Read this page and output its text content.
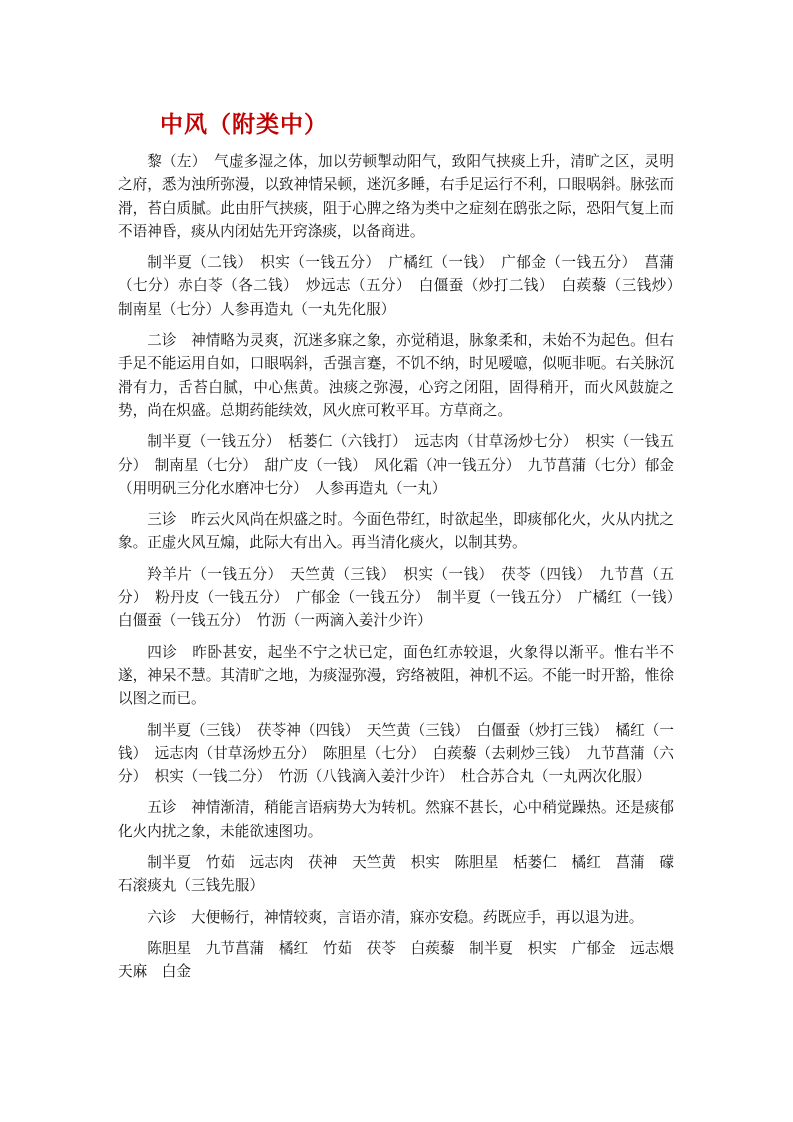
中风（附类中）

黎（左）　气虚多湿之体，加以劳顿掣动阳气，致阳气挟痰上升，清旷之区，灵明之府，悉为浊所弥漫，以致神情呆顿，迷沉多睡，右手足运行不利，口眼㖞斜。脉弦而滑，苔白质腻。此由肝气挟痰，阻于心脾之络为类中之症刻在鸱张之际，恐阳气复上而不语神昏，痰从内闭姑先开窍涤痰，以备商进。

制半夏（二钱）　枳实（一钱五分）　广橘红（一钱）　广郁金（一钱五分）　菖蒲（七分）赤白苓（各二钱）　炒远志（五分）　白僵蚕（炒打二钱）　白蒺藜（三钱炒）　制南星（七分）人参再造丸（一丸先化服）

二诊　神情略为灵爽，沉迷多寐之象，亦觉稍退，脉象柔和，未始不为起色。但右手足不能运用自如，口眼㖞斜，舌强言蹇，不饥不纳，时见嗳噫，似呃非呃。右关脉沉滑有力，舌苔白腻，中心焦黄。浊痰之弥漫，心窍之闭阻，固得稍开，而火风鼓旋之势，尚在炽盛。总期药能续效，风火庶可敉平耳。方草商之。

制半夏（一钱五分）　栝蒌仁（六钱打）　远志肉（甘草汤炒七分）　枳实（一钱五分）　制南星（七分）　甜广皮（一钱）　风化霜（冲一钱五分）　九节菖蒲（七分）郁金（用明矾三分化水磨冲七分）　人参再造丸（一丸）

三诊　昨云火风尚在炽盛之时。今面色带红，时欲起坐，即痰郁化火，火从内扰之象。正虚火风互煽，此际大有出入。再当清化痰火，以制其势。

羚羊片（一钱五分）　天竺黄（三钱）　枳实（一钱）　茯苓（四钱）　九节菖（五分）　粉丹皮（一钱五分）　广郁金（一钱五分）　制半夏（一钱五分）　广橘红（一钱）　白僵蚕（一钱五分）　竹沥（一两滴入姜汁少许）

四诊　昨卧甚安，起坐不宁之状已定，面色红赤较退，火象得以渐平。惟右半不遂，神呆不慧。其清旷之地，为痰湿弥漫，窍络被阻，神机不运。不能一时开豁，惟徐以图之而已。

制半夏（三钱）　茯苓神（四钱）　天竺黄（三钱）　白僵蚕（炒打三钱）　橘红（一钱）　远志肉（甘草汤炒五分）　陈胆星（七分）　白蒺藜（去刺炒三钱）　九节菖蒲（六分）　枳实（一钱二分）　竹沥（八钱滴入姜汁少许）　杜合苏合丸（一丸两次化服）

五诊　神情渐清，稍能言语病势大为转机。然寐不甚长，心中稍觉躁热。还是痰郁化火内扰之象，未能欲速图功。

制半夏　竹茹　远志肉　茯神　天竺黄　枳实　陈胆星　栝蒌仁　橘红　菖蒲　礞石滚痰丸（三钱先服）

六诊　大便畅行，神情较爽，言语亦清，寐亦安稳。药既应手，再以退为进。

陈胆星　九节菖蒲　橘红　竹茹　茯苓　白蒺藜　制半夏　枳实　广郁金　远志煨天麻　白金
